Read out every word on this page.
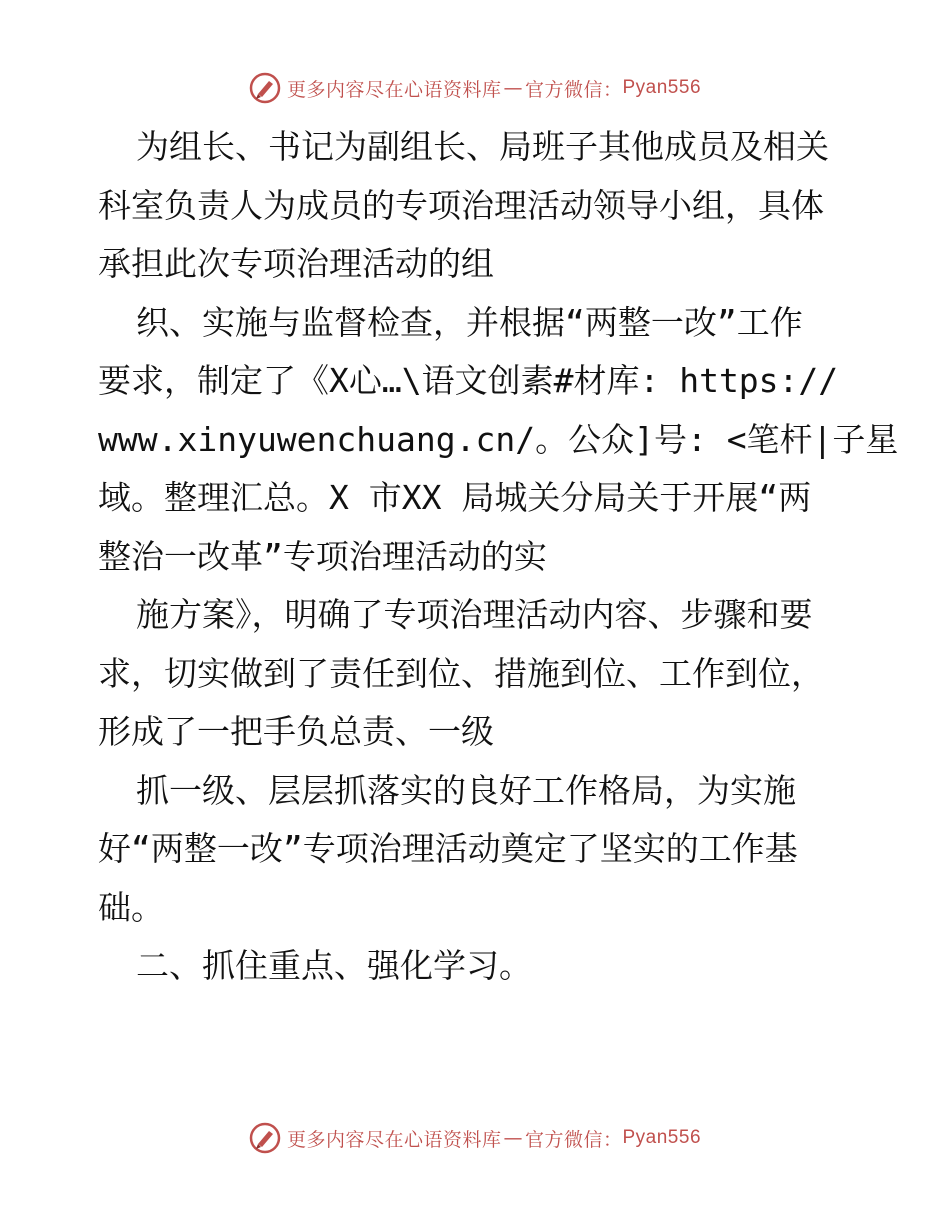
更多内容尽在心语资料库 — 官方微信： Pyan556
为组长、书记为副组长、局班子其他成员及相关
科室负责人为成员的专项治理活动领导小组，具体
承担此次专项治理活动的组
织、实施与监督检查，并根据“两整一改”工作
要求，制定了《X心…\语文创素#材库: https://
www.xinyuwenchuang.cn/。公众]号: <笔杆|子星
域。整理汇总。X 市XX 局城关分局关于开展“两
整治一改革”专项治理活动的实
施方案》，明确了专项治理活动内容、步骤和要
求，切实做到了责任到位、措施到位、工作到位，
形成了一把手负总责、一级
抓一级、层层抓落实的良好工作格局，为实施
好“两整一改”专项治理活动奠定了坚实的工作基
础。
二、抓住重点、强化学习。
更多内容尽在心语资料库 — 官方微信： Pyan556
